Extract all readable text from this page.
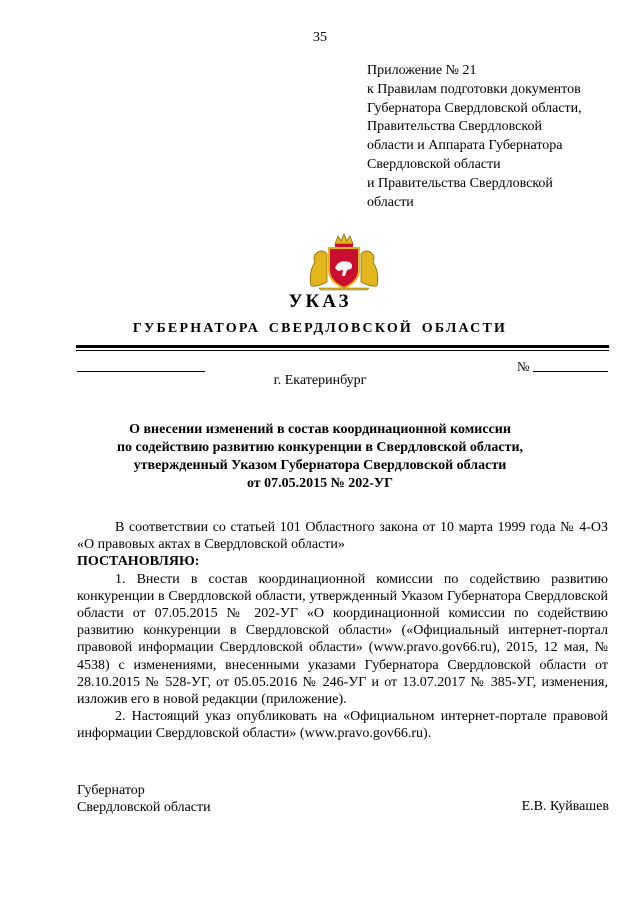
35
Приложение № 21
к Правилам подготовки документов
Губернатора Свердловской области,
Правительства Свердловской
области и Аппарата Губернатора
Свердловской области
и Правительства Свердловской
области
УКАЗ
ГУБЕРНАТОРА СВЕРДЛОВСКОЙ ОБЛАСТИ
№
г. Екатеринбург
О внесении изменений в состав координационной комиссии
по содействию развитию конкуренции в Свердловской области,
утвержденный Указом Губернатора Свердловской области
от 07.05.2015 № 202-УГ

В соответствии со статьей 101 Областного закона от 10 марта 1999 года № 4-ОЗ «О правовых актах в Свердловской области»

ПОСТАНОВЛЯЮ:

1. Внести в состав координационной комиссии по содействию развитию конкуренции в Свердловской области, утвержденный Указом Губернатора Свердловской области от 07.05.2015 № 202-УГ «О координационной комиссии по содействию развитию конкуренции в Свердловской области» («Официальный интернет-портал правовой информации Свердловской области» (www.pravo.gov66.ru), 2015, 12 мая, № 4538) с изменениями, внесенными указами Губернатора Свердловской области от 28.10.2015 № 528-УГ, от 05.05.2016 № 246-УГ и от 13.07.2017 № 385-УГ, изменения, изложив его в новой редакции (приложение).

2. Настоящий указ опубликовать на «Официальном интернет-портале правовой информации Свердловской области» (www.pravo.gov66.ru).

Губернатор
Свердловской области	Е.В. Куйвашев
